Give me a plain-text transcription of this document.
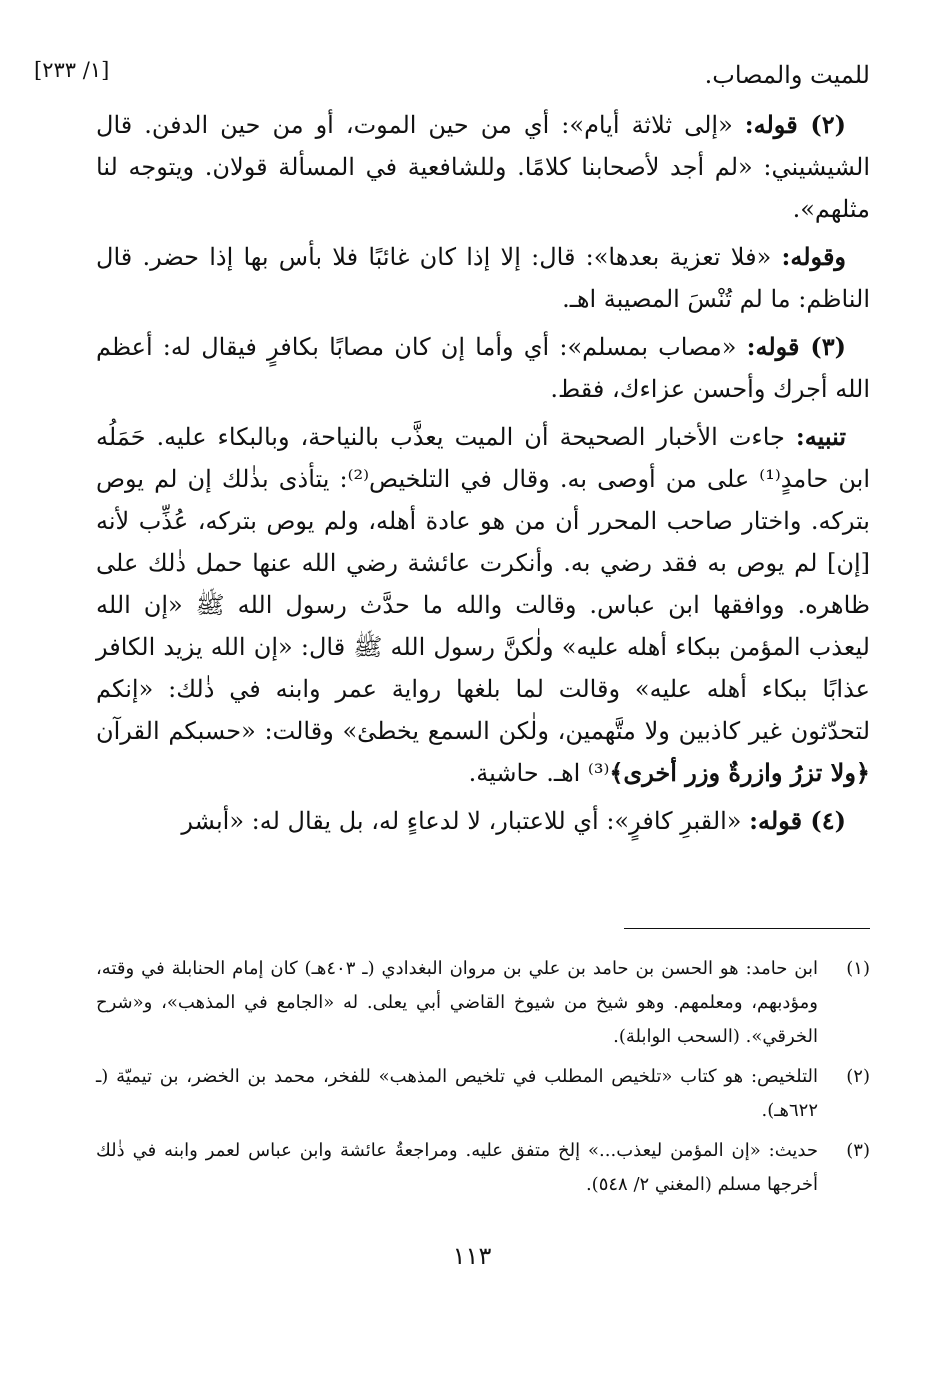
[١/ ٢٣٣]	للميت والمصاب.

(٢) قوله: «إلى ثلاثة أيام»: أي من حين الموت، أو من حين الدفن. قال الشيشيني: «لم أجد لأصحابنا كلامًا. وللشافعية في المسألة قولان. ويتوجه لنا مثلهم».

وقوله: «فلا تعزية بعدها»: قال: إلا إذا كان غائبًا فلا بأس بها إذا حضر. قال الناظم: ما لم تُنْسَ المصيبة اهـ.

(٣) قوله: «مصاب بمسلم»: أي وأما إن كان مصابًا بكافرٍ فيقال له: أعظم الله أجرك وأحسن عزاءك، فقط.

تنبيه: جاءت الأخبار الصحيحة أن الميت يعذَّب بالنياحة، وبالبكاء عليه. حَمَلُه ابن حامدٍ⁽¹⁾ على من أوصى به. وقال في التلخيص⁽²⁾: يتأذى بذٰلك إن لم يوص بتركه. واختار صاحب المحرر أن من هو عادة أهله، ولم يوص بتركه، عُذِّب لأنه [إن] لم يوص به فقد رضي به. وأنكرت عائشة رضي الله عنها حمل ذٰلك على ظاهره. ووافقها ابن عباس. وقالت والله ما حدَّث رسول الله ﷺ «إن الله ليعذب المؤمن ببكاء أهله عليه» ولٰكنَّ رسول الله ﷺ قال: «إن الله يزيد الكافر عذابًا ببكاء أهله عليه» وقالت لما بلغها رواية عمر وابنه في ذٰلك: «إنكم لتحدّثون غير كاذبين ولا متَّهمين، ولٰكن السمع يخطئ» وقالت: «حسبكم القرآن ﴿ولا تزرُ وازرةٌ وزر أخرى﴾⁽³⁾ اهـ. حاشية.

(٤) قوله: «القبرِ كافرٍ»: أي للاعتبار، لا لدعاءٍ له، بل يقال له: «أبشر

(١)
ابن حامد: هو الحسن بن حامد بن علي بن مروان البغدادي (ـ ٤٠٣هـ) كان إمام الحنابلة في وقته، ومؤدبهم، ومعلمهم. وهو شيخ من شيوخ القاضي أبي يعلى. له «الجامع في المذهب»، و«شرح الخرقي». (السحب الوابلة).
(٢)
التلخيص: هو كتاب «تلخيص المطلب في تلخيص المذهب» للفخر، محمد بن الخضر، بن تيميّة (ـ ٦٢٢هـ).
(٣)
حديث: «إن المؤمن ليعذب...» إلخ متفق عليه. ومراجعةُ عائشة وابن عباس لعمر وابنه في ذٰلك أخرجها مسلم (المغني ٢/ ٥٤٨).
١١٣
